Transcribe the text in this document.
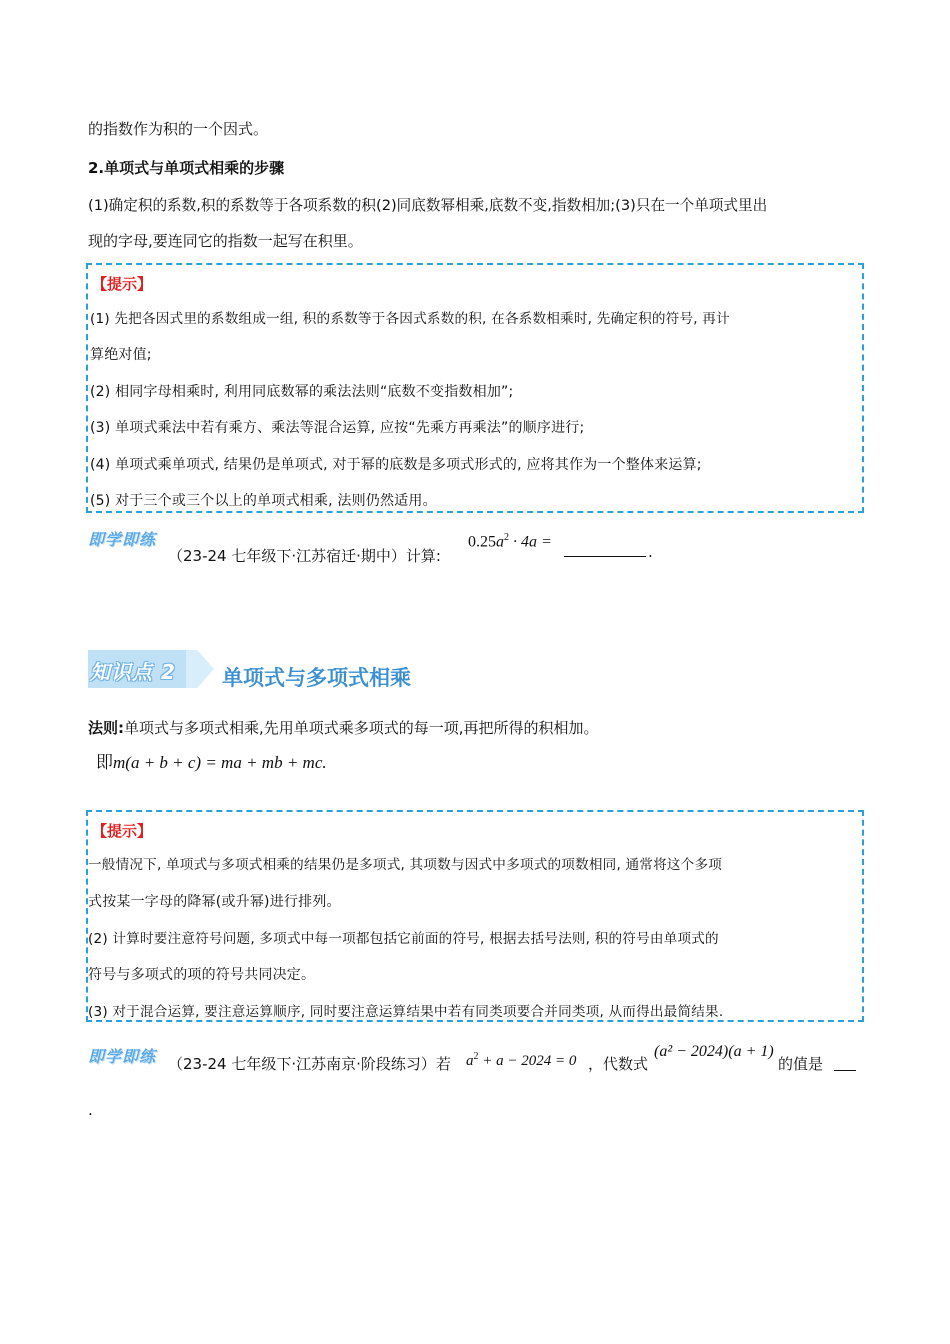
的指数作为积的一个因式。
2.单项式与单项式相乘的步骤
(1)确定积的系数,积的系数等于各项系数的积(2)同底数幂相乘,底数不变,指数相加;(3)只在一个单项式里出
现的字母,要连同它的指数一起写在积里。
【提示】
(1) 先把各因式里的系数组成一组, 积的系数等于各因式系数的积, 在各系数相乘时, 先确定积的符号, 再计
算绝对值;
(2) 相同字母相乘时, 利用同底数幂的乘法法则“底数不变指数相加”;
(3) 单项式乘法中若有乘方、乘法等混合运算, 应按“先乘方再乘法”的顺序进行;
(4) 单项式乘单项式, 结果仍是单项式, 对于幂的底数是多项式形式的, 应将其作为一个整体来运算;
(5) 对于三个或三个以上的单项式相乘, 法则仍然适用。
即学即练
（23-24 七年级下·江苏宿迁·期中）计算:
$0.25a^2 \cdot 4a$ =
.
知识点 2 单项式与多项式相乘
法则:单项式与多项式相乘,先用单项式乘多项式的每一项,再把所得的积相加。
即m(a + b + c) = ma + mb + mc.
【提示】
一般情况下, 单项式与多项式相乘的结果仍是多项式, 其项数与因式中多项式的项数相同, 通常将这个多项
式按某一字母的降幂(或升幂)进行排列。
(2) 计算时要注意符号问题, 多项式中每一项都包括它前面的符号, 根据去括号法则, 积的符号由单项式的
符号与多项式的项的符号共同决定。
(3) 对于混合运算, 要注意运算顺序, 同时要注意运算结果中若有同类项要合并同类项, 从而得出最简结果.
即学即练 （23-24 七年级下·江苏南京·阶段练习）若 $a^2 + a - 2024 = 0$ ，代数式
(a² − 2024)(a + 1)
的值是
.
